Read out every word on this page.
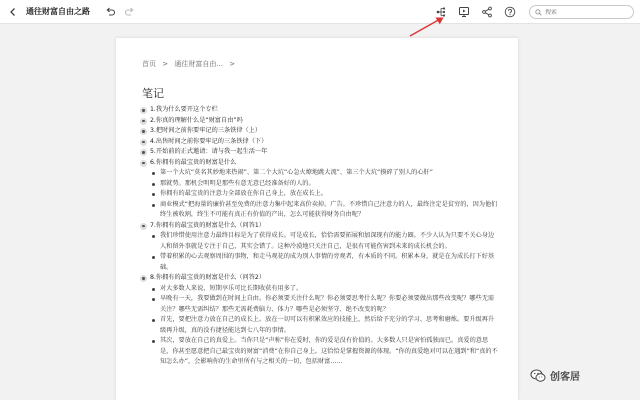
通往财富自由之路
搜索
首页 > 通往财富自由... >
笔记
1.我为什么要开这个专栏
2.你真的理解什么是“财富自由”吗
3.把时间之前你要牢记的三条铁律（上）
4.出售时间之前你要牢记的三条铁律（下）
5.开始前的正式邀请：请与我一起生活一年
6.你拥有的最宝贵的财富是什么
第一个大坑“莫名其妙地来热闹”、第二个大坑“心急火燎地跳大流”、第三个大坑“摸碎了别人的心肝”
那就势。那机会明明是那些有意无意已经准备好的人的。
你拥有的最宝贵的注意力全部放在你自己身上，放在成长上。
商业模式“把海量的廉价甚至免费的注意力集中起来高价卖掉。广告。不珍惜自己注意力的人，最终注定是贫穷的，因为他们终生被收割，终生不可能有真正有价值的产出，怎么可能获得财务自由呢？
7.你拥有的最宝贵的财富是什么（问答1）
我们珍惜使用注意力最终目标是为了获得成长。可是成长，恰恰需要拓展和加深现有的能力圈。不少人认为只要不关心身边人和留外事就是专注于自己，其实会错了。这种冷漠地只关注自己，是很有可能伤害到未来的成长机会的。
带着积累的心去观察周围的事物，和走马观花的成为别人事情的旁观者，有本质的不同。积累本身，就是在为成长打下好基础。
8.你拥有的最宝贵的财富是什么（问答2）
对大多数人来说，短期享乐可比长期收获有用多了。
早晚有一天，我要做到在时间上自由。你必须要关注什么呢？你必须要思考什么呢？你要必须要做出那些改变呢？哪些无需关注？哪些无需纠结？那些无需耗费脑力、体力？哪些是必须坚守、绝不改变的呢？
首先，要把注意力放在自己的成长上。放在一切可以有积累效应的技能上，然后给予充分的学习、思考和磨炼。要升级再升级再升级，真的没有捷径能达到七八年的事情。
其次，要放在自己的真爱上。当你只是“声称”你在爱时，你的爱是没有价值的。大多数人只是害怕孤独而已。真爱的意思是，你甚至愿意把自己最宝贵的财富“消费”在你自己身上。这恰恰是掌握资源的体现。“你的真爱绝对可以在遇到”和“真的不知怎么办”，会影响你的生命里所有与之相关的一切，包括财富……
创客居
